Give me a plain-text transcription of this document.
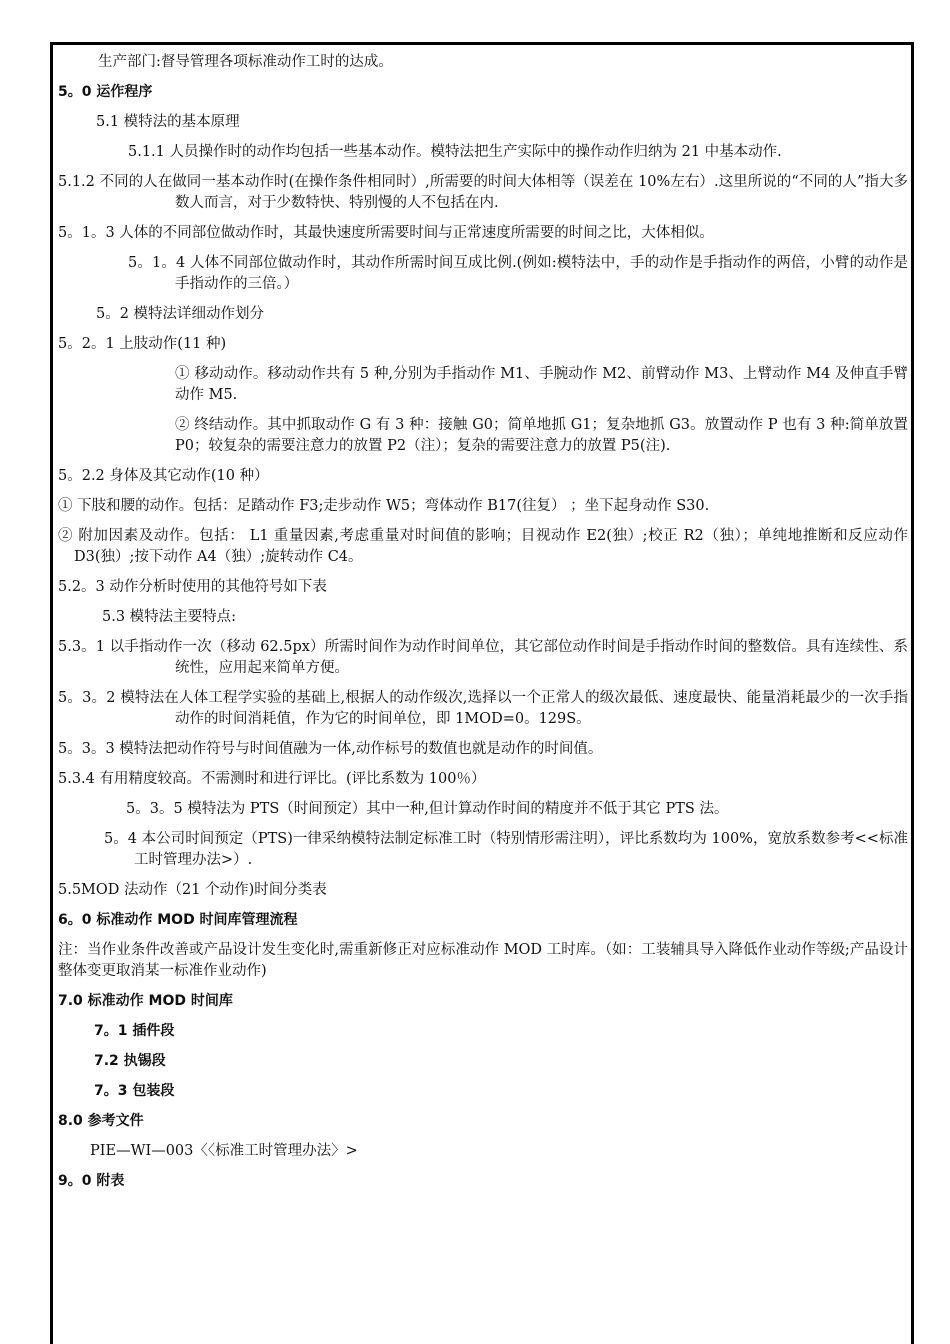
生产部门:督导管理各项标准动作工时的达成。

5。0 运作程序

5.1 模特法的基本原理

5.1.1 人员操作时的动作均包括一些基本动作。模特法把生产实际中的操作动作归纳为 21 中基本动作.

5.1.2 不同的人在做同一基本动作时(在操作条件相同时）,所需要的时间大体相等（误差在 10%左右）.这里所说的“不同的人”指大多数人而言，对于少数特快、特别慢的人不包括在内.

5。1。3 人体的不同部位做动作时，其最快速度所需要时间与正常速度所需要的时间之比，大体相似。

5。1。4 人体不同部位做动作时，其动作所需时间互成比例.(例如:模特法中，手的动作是手指动作的两倍，小臂的动作是手指动作的三倍。）

5。2 模特法详细动作划分

5。2。1 上肢动作(11 种)

① 移动动作。移动动作共有 5 种,分别为手指动作 M1、手腕动作 M2、前臂动作 M3、上臂动作 M4 及伸直手臂动作 M5.

② 终结动作。其中抓取动作 G 有 3 种：接触 G0；简单地抓 G1；复杂地抓 G3。放置动作 P 也有 3 种:简单放置 P0；较复杂的需要注意力的放置 P2（注）；复杂的需要注意力的放置 P5(注).

5。2.2 身体及其它动作(10 种）

① 下肢和腰的动作。包括：足踏动作 F3;走步动作 W5；弯体动作 B17(往复） ；坐下起身动作 S30.

② 附加因素及动作。包括： L1 重量因素,考虑重量对时间值的影响；目视动作 E2(独）;校正 R2（独）；单纯地推断和反应动作 D3(独）;按下动作 A4（独）;旋转动作 C4。

5.2。3 动作分析时使用的其他符号如下表

5.3 模特法主要特点:

5.3。1 以手指动作一次（移动 62.5px）所需时间作为动作时间单位，其它部位动作时间是手指动作时间的整数倍。具有连续性、系统性，应用起来简单方便。

5。3。2 模特法在人体工程学实验的基础上,根据人的动作级次,选择以一个正常人的级次最低、速度最快、能量消耗最少的一次手指动作的时间消耗值，作为它的时间单位，即 1MOD=0。129S。

5。3。3 模特法把动作符号与时间值融为一体,动作标号的数值也就是动作的时间值。

5.3.4 有用精度较高。不需测时和进行评比。(评比系数为 100％）

5。3。5 模特法为 PTS（时间预定）其中一种,但计算动作时间的精度并不低于其它 PTS 法。

5。4 本公司时间预定（PTS)一律采纳模特法制定标准工时（特别情形需注明），评比系数均为 100%，宽放系数参考<<标准工时管理办法>）.

5.5MOD 法动作（21 个动作)时间分类表

6。0 标准动作 MOD 时间库管理流程

注：当作业条件改善或产品设计发生变化时,需重新修正对应标准动作 MOD 工时库。（如：工装辅具导入降低作业动作等级;产品设计整体变更取消某一标准作业动作)

7.0 标准动作 MOD 时间库

7。1 插件段

7.2 执锡段

7。3 包装段

8.0 参考文件

PIE—WI—003〈〈标准工时管理办法〉>

9。0 附表
